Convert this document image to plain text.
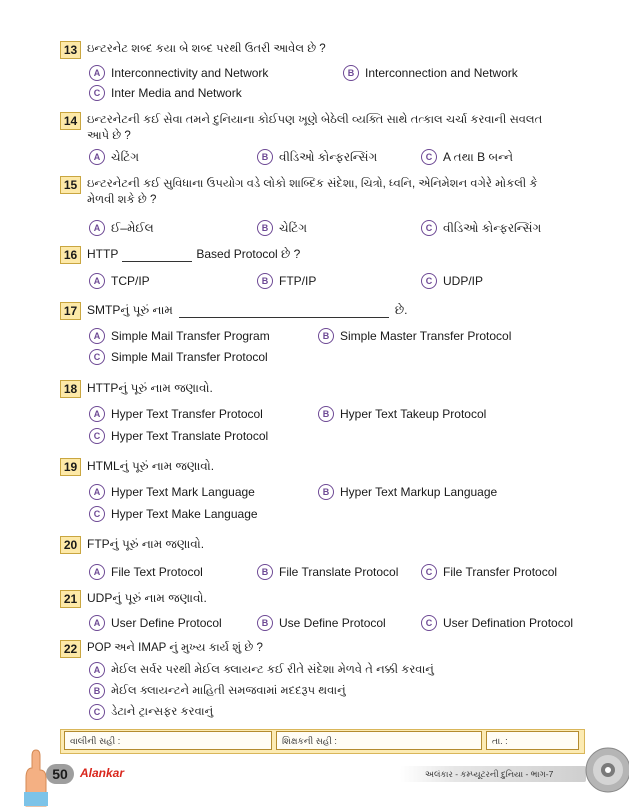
13 ઇન્ટરનેટ શબ્દ કયા બે શબ્દ પરથી ઉતરી આવેલ છે ?
A Interconnectivity and Network	B Interconnection and Network
C Inter Media and Network
14 ઇન્ટરનેટની કઈ સેવા તમને દુનિયાના કોઈપણ ખૂણે બેઠેલી વ્યક્તિ સાથે તત્કાલ ચર્ચા કરવાની સવલત
આપે છે ?
A ચેટિંગ	B વીડિઓ કોન્ફરન્સિંગ	C A તથા B બન્ને
15 ઇન્ટરનેટની કઈ સુવિધાના ઉપયોગ વડે લોકો શાબ્દિક સંદેશા, ચિત્રો, ધ્વનિ, એનિમેશન વગેરે મોકલી કે
મેળવી શકે છે ?
A ઈ–મેઈલ	B ચેટિંગ	C વીડિઓ કોન્ફરન્સિંગ
16 HTTP	Based Protocol છે ?
A TCP/IP	B FTP/IP	C UDP/IP
17 SMTPનું પૂરું નામ	છે.
A Simple Mail Transfer Program	B Simple Master Transfer Protocol
C Simple Mail Transfer Protocol
18 HTTPનું પૂરું નામ જણાવો.
A Hyper Text Transfer Protocol	B Hyper Text Takeup Protocol
C Hyper Text Translate Protocol
19 HTMLનું પૂરું નામ જણાવો.
A Hyper Text Mark Language	B Hyper Text Markup Language
C Hyper Text Make Language
20 FTPનું પૂરું નામ જણાવો.
A File Text Protocol	B File Translate Protocol	C File Transfer Protocol
21 UDPનું પૂરું નામ જણાવો.
A User Define Protocol	B Use Define Protocol	C User Defination Protocol
22 POP અને IMAP નું મુખ્ય કાર્ય શું છે ?
A મેઈલ સર્વર પરથી મેઈલ ક્લાયન્ટ કઈ રીતે સંદેશા મેળવે તે નક્કી કરવાનું
B મેઈલ ક્લાયન્ટને માહિતી સમજવામાં મદદરૂપ થવાનું
C ડેટાને ટ્રાન્સફર કરવાનું
વાલીની સહી :	શિક્ષકની સહી :	તા. :
50	Alankar	અલંકાર - કમ્પ્યૂટરની દુનિયા - ભાગ-7
